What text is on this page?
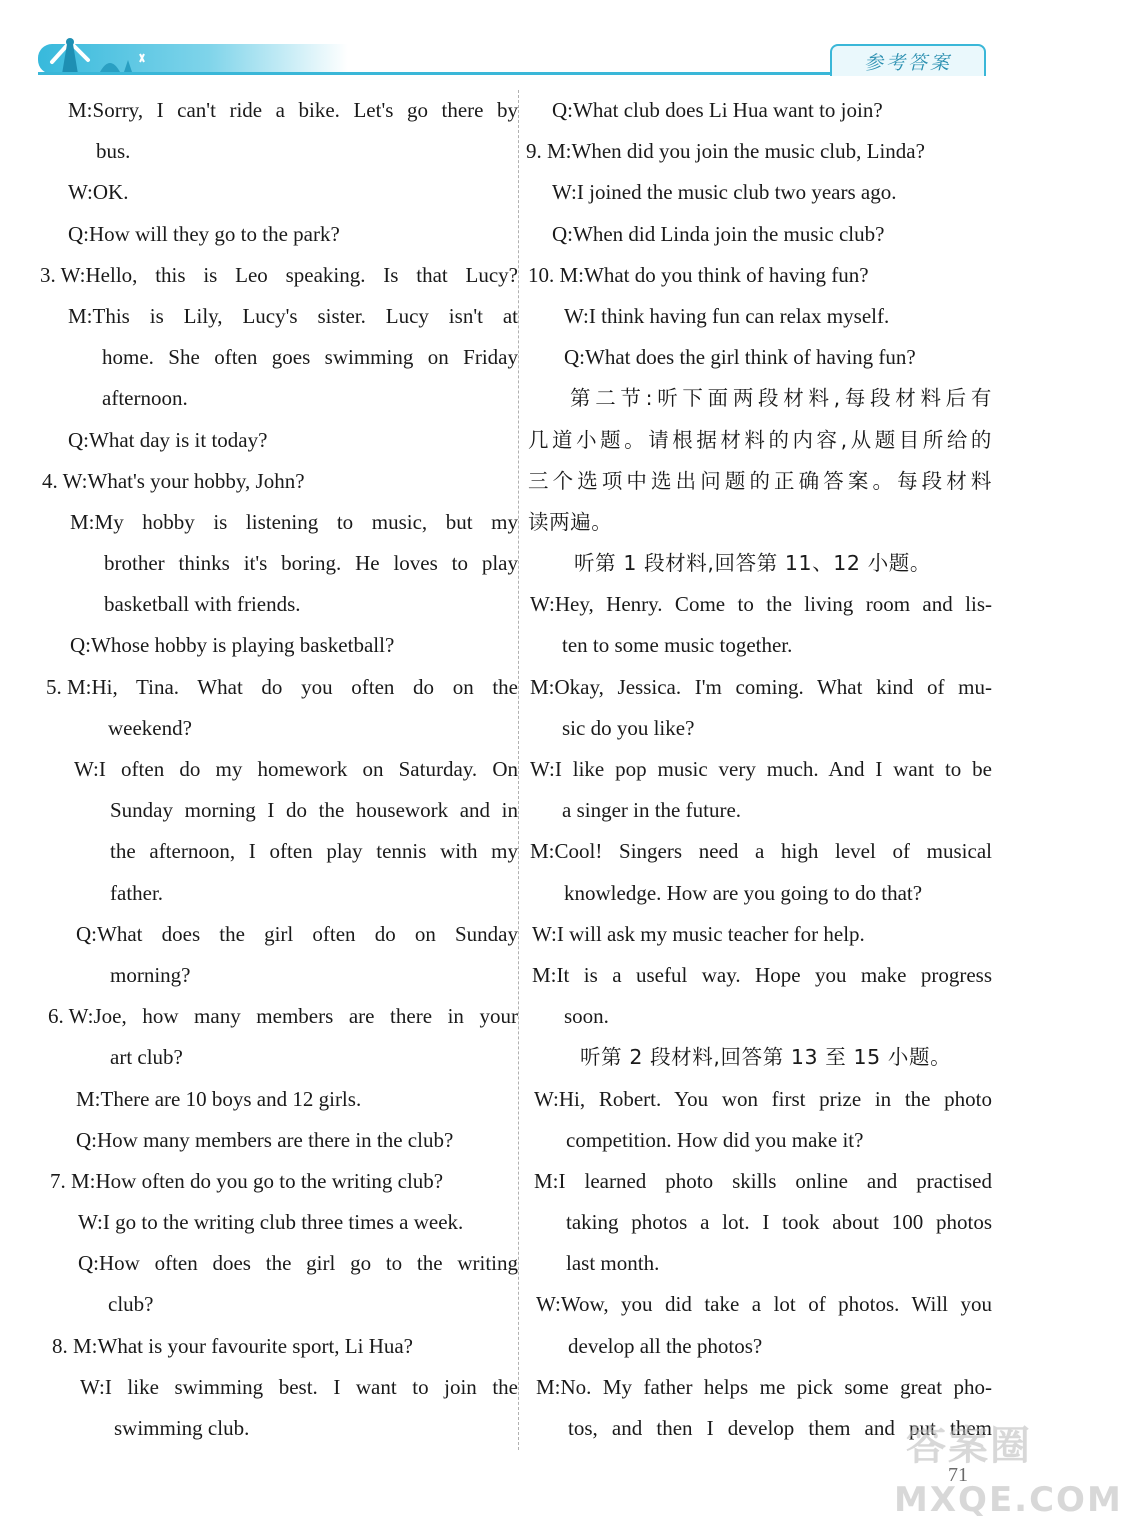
参考答案
M: Sorry, I can't ride a bike. Let's go there by
bus.
W: OK.
Q: How will they go to the park?
3. W: Hello, this is Leo speaking. Is that Lucy?
M: This is Lily, Lucy's sister. Lucy isn't at
home. She often goes swimming on Friday
afternoon.
Q: What day is it today?
4. W: What's your hobby, John?
M: My hobby is listening to music, but my
brother thinks it's boring. He loves to play
basketball with friends.
Q: Whose hobby is playing basketball?
5. M: Hi, Tina. What do you often do on the
weekend?
W: I often do my homework on Saturday. On
Sunday morning I do the housework and in
the afternoon, I often play tennis with my
father.
Q: What does the girl often do on Sunday
morning?
6. W: Joe, how many members are there in your
art club?
M: There are 10 boys and 12 girls.
Q: How many members are there in the club?
7. M: How often do you go to the writing club?
W: I go to the writing club three times a week.
Q: How often does the girl go to the writing
club?
8. M: What is your favourite sport, Li Hua?
W: I like swimming best. I want to join the
swimming club.
Q: What club does Li Hua want to join?
9. M: When did you join the music club, Linda?
W: I joined the music club two years ago.
Q: When did Linda join the music club?
10. M: What do you think of having fun?
W: I think having fun can relax myself.
Q: What does the girl think of having fun?
第二节:听下面两段材料,每段材料后有
几道小题。请根据材料的内容,从题目所给的
三个选项中选出问题的正确答案。每段材料
读两遍。
听第 1 段材料,回答第 11、12 小题。
W: Hey, Henry. Come to the living room and lis-
ten to some music together.
M: Okay, Jessica. I'm coming. What kind of mu-
sic do you like?
W: I like pop music very much. And I want to be
a singer in the future.
M: Cool! Singers need a high level of musical
knowledge. How are you going to do that?
W: I will ask my music teacher for help.
M: It is a useful way. Hope you make progress
soon.
听第 2 段材料,回答第 13 至 15 小题。
W: Hi, Robert. You won first prize in the photo
competition. How did you make it?
M: I learned photo skills online and practised
taking photos a lot. I took about 100 photos
last month.
W: Wow, you did take a lot of photos. Will you
develop all the photos?
M: No. My father helps me pick some great pho-
tos, and then I develop them and put them
答案圈
MXQE.COM
71
